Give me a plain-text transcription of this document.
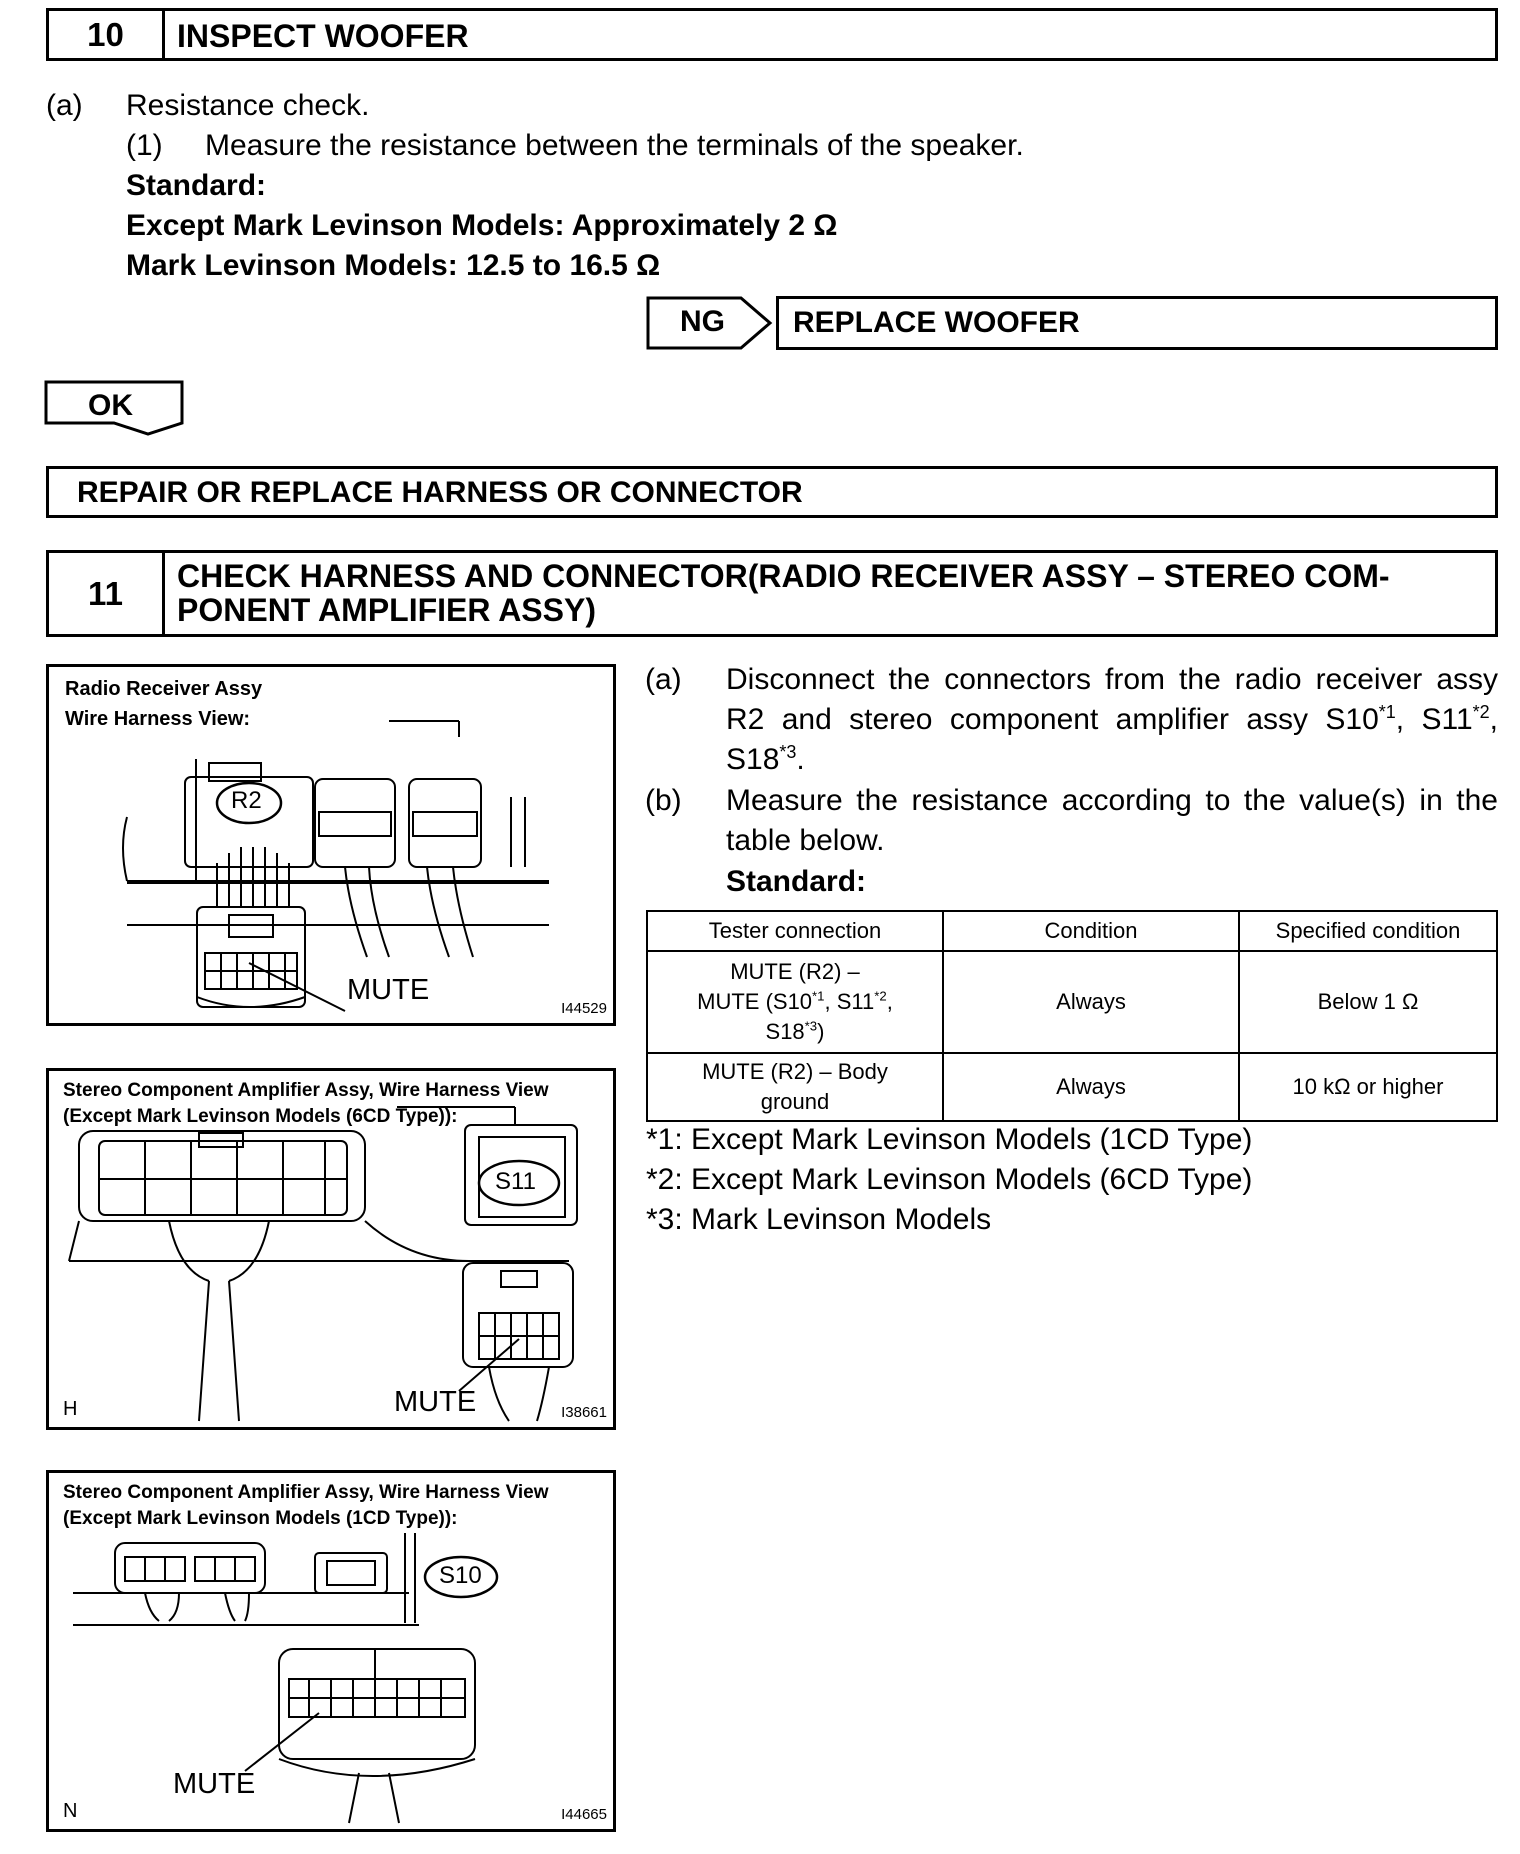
10	INSPECT WOOFER
(a) Resistance check.
(1) Measure the resistance between the terminals of the speaker.
Standard:
Except Mark Levinson Models: Approximately 2 Ω
Mark Levinson Models: 12.5 to 16.5 Ω
NG REPLACE WOOFER
OK
REPAIR OR REPLACE HARNESS OR CONNECTOR
11	CHECK HARNESS AND CONNECTOR(RADIO RECEIVER ASSY – STEREO COM-
PONENT AMPLIFIER ASSY)
(a) Disconnect the connectors from the radio receiver assy R2 and stereo component amplifier assy S10$^{*1}$, S11$^{*2}$, S18$^{*3}$.
(b) Measure the resistance according to the value(s) in the table below.
Standard:
Tester connection	Condition	Specified condition
MUTE (R2) –
MUTE (S10$^{*1}$, S11$^{*2}$,
S18$^{*3}$)	Always	Below 1 Ω
MUTE (R2) – Body
ground	Always	10 kΩ or higher
*1: Except Mark Levinson Models (1CD Type)
*2: Except Mark Levinson Models (6CD Type)
*3: Mark Levinson Models
Radio Receiver Assy
Wire Harness View:
R2
MUTE
I44529
Stereo Component Amplifier Assy, Wire Harness View
(Except Mark Levinson Models (6CD Type)):
S11
MUTE
H	I38661
Stereo Component Amplifier Assy, Wire Harness View
(Except Mark Levinson Models (1CD Type)):
S10
MUTE
N	I44665
